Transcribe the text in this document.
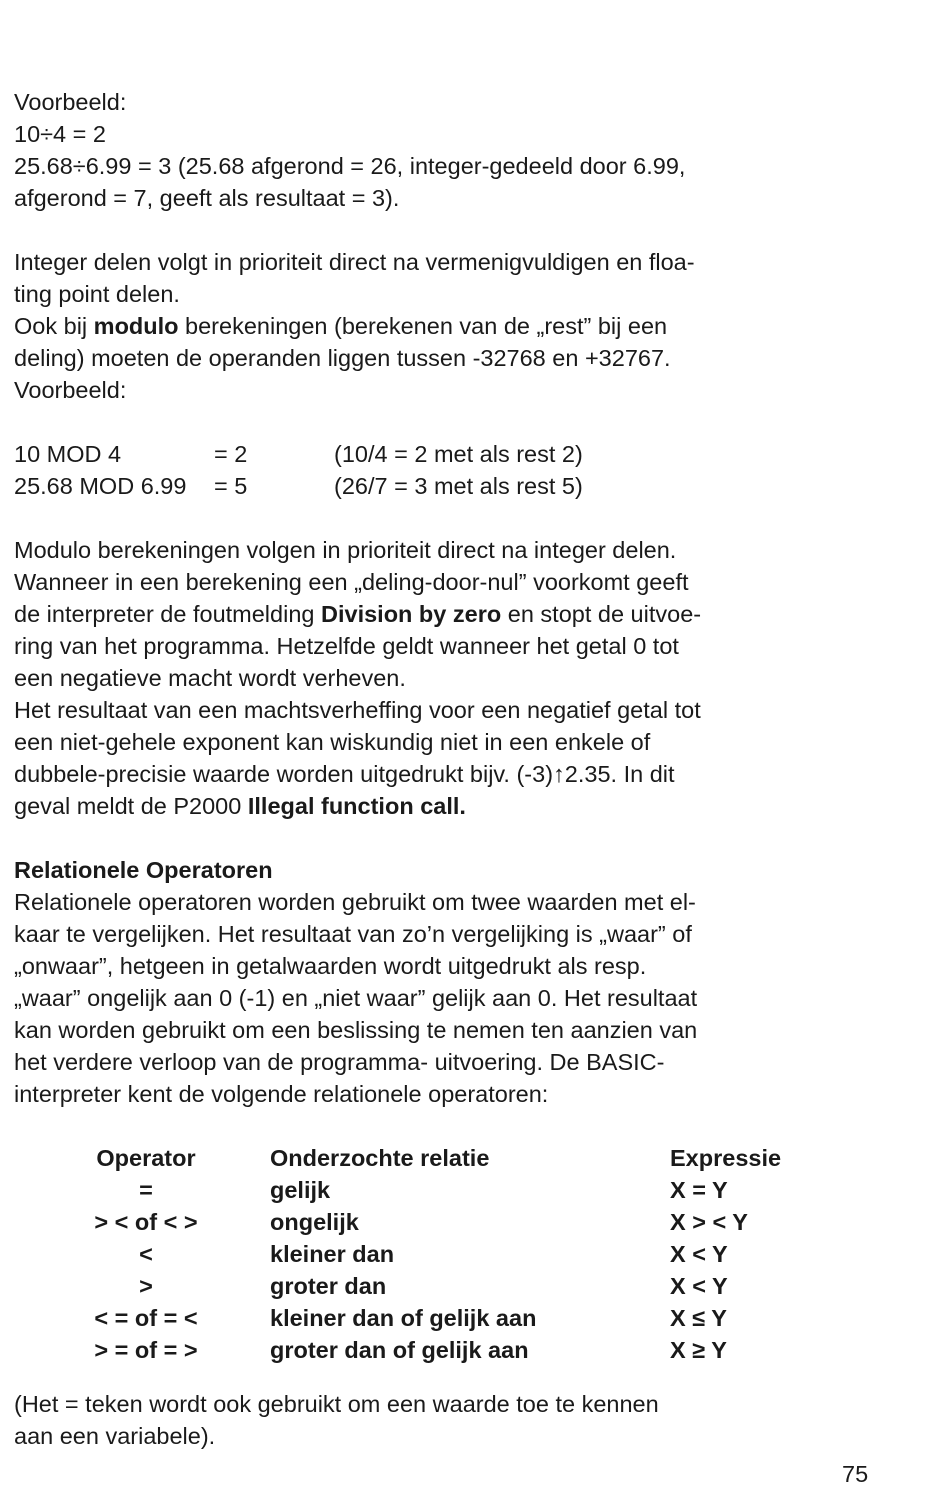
Voorbeeld:

10÷4 = 2

25.68÷6.99 = 3 (25.68 afgerond = 26, integer-gedeeld door 6.99,

afgerond = 7, geeft als resultaat = 3).

Integer delen volgt in prioriteit direct na vermenigvuldigen en floa-

ting point delen.

Ook bij modulo berekeningen (berekenen van de „rest” bij een

deling) moeten de operanden liggen tussen -32768 en +32767.

Voorbeeld:

10 MOD 4	= 2	(10/4 = 2 met als rest 2)
25.68 MOD 6.99	= 5	(26/7 = 3 met als rest 5)

Modulo berekeningen volgen in prioriteit direct na integer delen.

Wanneer in een berekening een „deling-door-nul” voorkomt geeft

de interpreter de foutmelding Division by zero en stopt de uitvoe-

ring van het programma. Hetzelfde geldt wanneer het getal 0 tot

een negatieve macht wordt verheven.

Het resultaat van een machtsverheffing voor een negatief getal tot

een niet-gehele exponent kan wiskundig niet in een enkele of

dubbele-precisie waarde worden uitgedrukt bijv. (-3)↑2.35. In dit

geval meldt de P2000 Illegal function call.

Relationele Operatoren

Relationele operatoren worden gebruikt om twee waarden met el-

kaar te vergelijken. Het resultaat van zo’n vergelijking is „waar” of

„onwaar”, hetgeen in getalwaarden wordt uitgedrukt als resp.

„waar” ongelijk aan 0 (-1) en „niet waar” gelijk aan 0. Het resultaat

kan worden gebruikt om een beslissing te nemen ten aanzien van

het verdere verloop van de programma- uitvoering. De BASIC-

interpreter kent de volgende relationele operatoren:

Operator	Onderzochte relatie	Expressie
=	gelijk	X = Y
> < of < >	ongelijk	X > < Y
<	kleiner dan	X < Y
>	groter dan	X < Y
< = of = <	kleiner dan of gelijk aan	X ≤ Y
> = of = >	groter dan of gelijk aan	X ≥ Y

(Het = teken wordt ook gebruikt om een waarde toe te kennen

aan een variabele).

75
